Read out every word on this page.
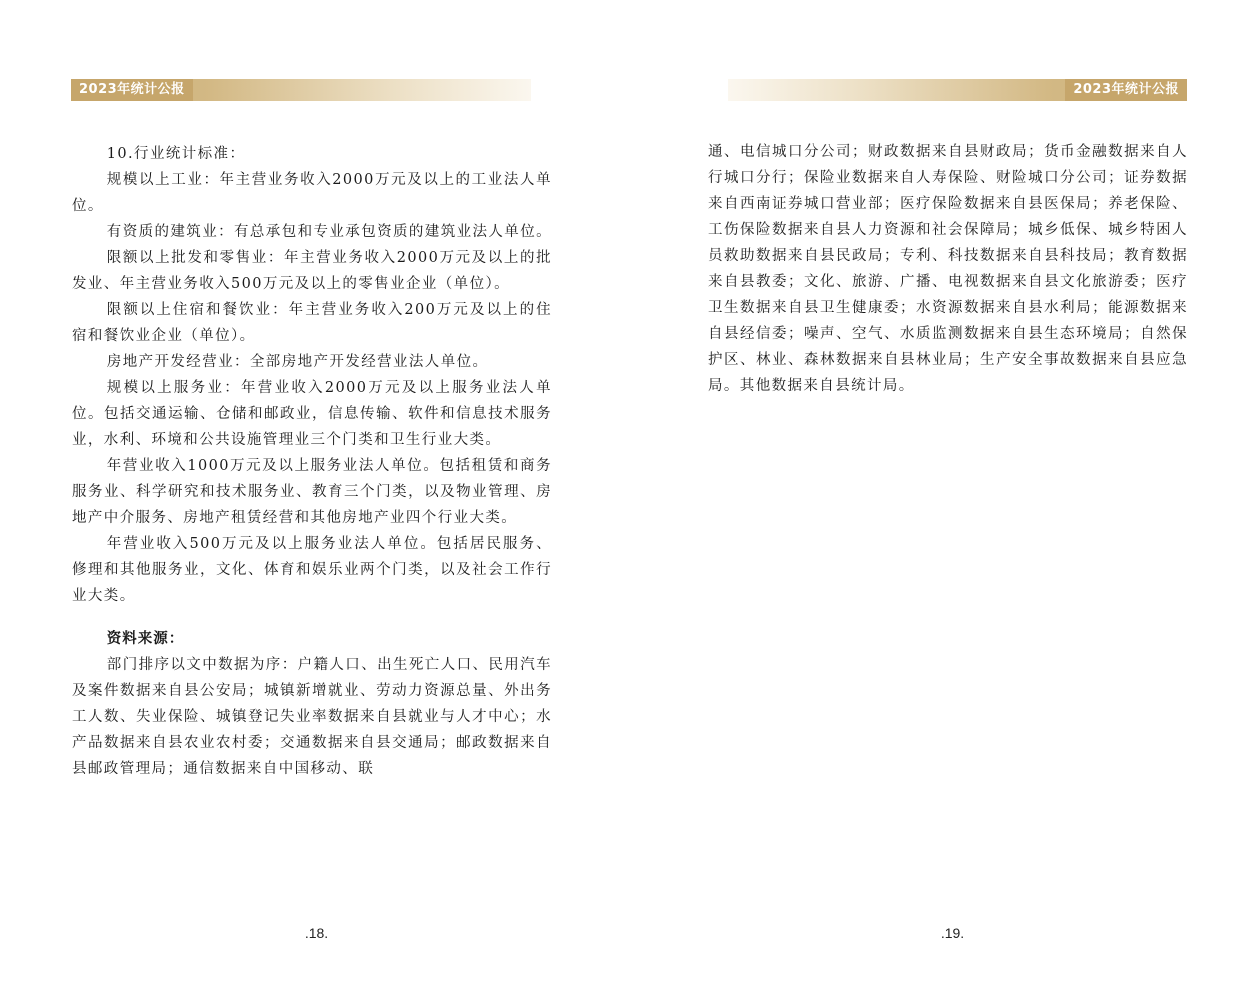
2023年统计公报

10.行业统计标准：

规模以上工业：年主营业务收入2000万元及以上的工业法人单位。

有资质的建筑业：有总承包和专业承包资质的建筑业法人单位。

限额以上批发和零售业：年主营业务收入2000万元及以上的批发业、年主营业务收入500万元及以上的零售业企业（单位）。

限额以上住宿和餐饮业：年主营业务收入200万元及以上的住宿和餐饮业企业（单位）。

房地产开发经营业：全部房地产开发经营业法人单位。

规模以上服务业：年营业收入2000万元及以上服务业法人单位。包括交通运输、仓储和邮政业，信息传输、软件和信息技术服务业，水利、环境和公共设施管理业三个门类和卫生行业大类。

年营业收入1000万元及以上服务业法人单位。包括租赁和商务服务业、科学研究和技术服务业、教育三个门类，以及物业管理、房地产中介服务、房地产租赁经营和其他房地产业四个行业大类。

年营业收入500万元及以上服务业法人单位。包括居民服务、修理和其他服务业，文化、体育和娱乐业两个门类，以及社会工作行业大类。

资料来源：

部门排序以文中数据为序：户籍人口、出生死亡人口、民用汽车及案件数据来自县公安局；城镇新增就业、劳动力资源总量、外出务工人数、失业保险、城镇登记失业率数据来自县就业与人才中心；水产品数据来自县农业农村委；交通数据来自县交通局；邮政数据来自县邮政管理局；通信数据来自中国移动、联

.18.
2023年统计公报

通、电信城口分公司；财政数据来自县财政局；货币金融数据来自人行城口分行；保险业数据来自人寿保险、财险城口分公司；证券数据来自西南证券城口营业部；医疗保险数据来自县医保局；养老保险、工伤保险数据来自县人力资源和社会保障局；城乡低保、城乡特困人员救助数据来自县民政局；专利、科技数据来自县科技局；教育数据来自县教委；文化、旅游、广播、电视数据来自县文化旅游委；医疗卫生数据来自县卫生健康委；水资源数据来自县水利局；能源数据来自县经信委；噪声、空气、水质监测数据来自县生态环境局；自然保护区、林业、森林数据来自县林业局；生产安全事故数据来自县应急局。其他数据来自县统计局。

.19.
